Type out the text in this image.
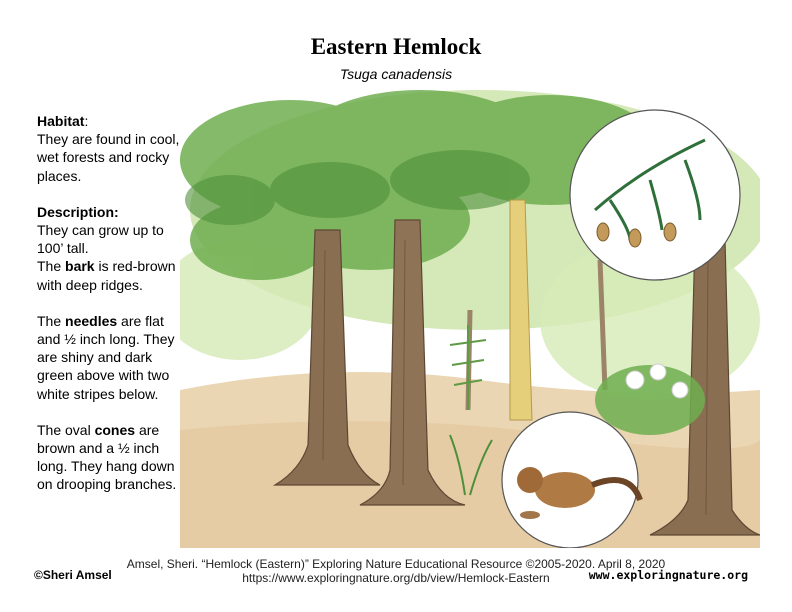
Eastern Hemlock
Tsuga canadensis

Habitat:
They are found in cool, wet forests and rocky places.

Description:
They can grow up to 100’ tall.
The bark is red-brown with deep ridges.

The needles are flat and ½ inch long. They are shiny and dark green above with two white stripes below.

The oval cones are brown and a ½ inch long. They hang down on drooping branches.

Amsel, Sheri. “Hemlock (Eastern)” Exploring Nature Educational Resource ©2005-2020. April 8, 2020
https://www.exploringnature.org/db/view/Hemlock-Eastern
©Sheri Amsel	www.exploringnature.org
